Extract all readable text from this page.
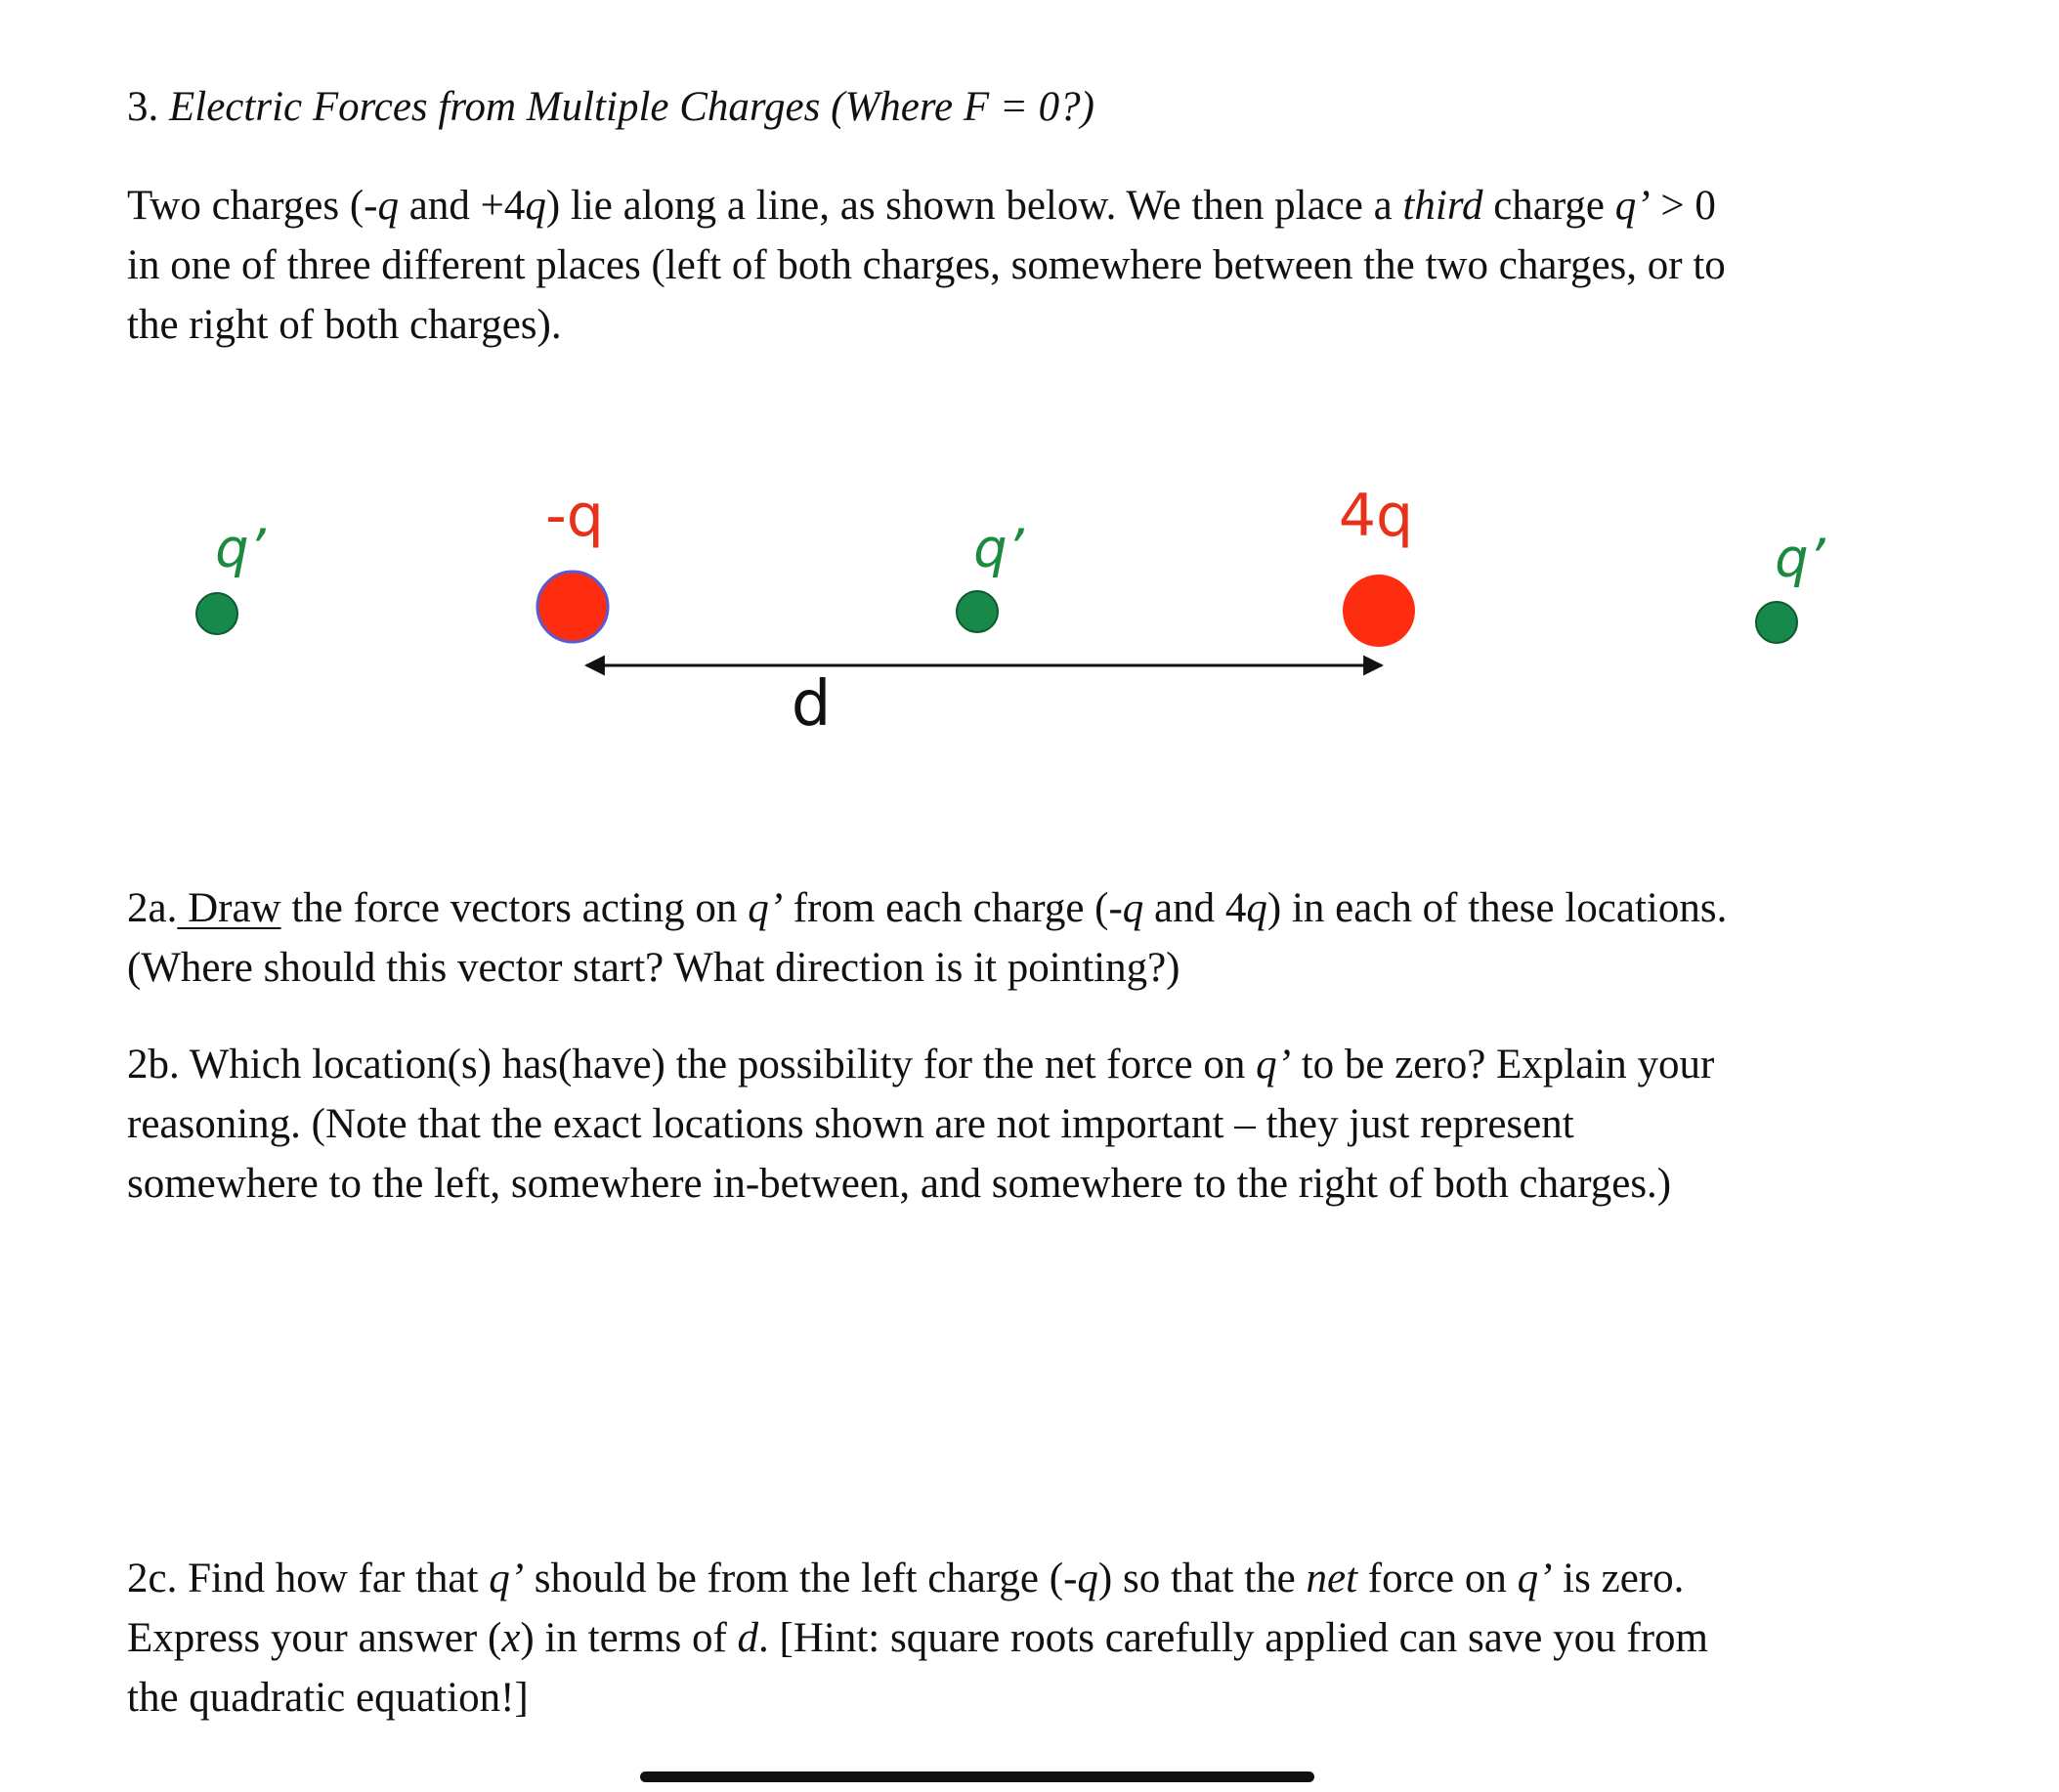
3. Electric Forces from Multiple Charges (Where F = 0?)
Two charges (-q and +4q) lie along a line, as shown below. We then place a third charge q’ > 0
in one of three different places (left of both charges, somewhere between the two charges, or to
the right of both charges).
q’	-q	q’	4q
q’
d
2a. Draw the force vectors acting on q’ from each charge (-q and 4q) in each of these locations.
(Where should this vector start? What direction is it pointing?)
2b. Which location(s) has(have) the possibility for the net force on q’ to be zero? Explain your
reasoning. (Note that the exact locations shown are not important – they just represent
somewhere to the left, somewhere in-between, and somewhere to the right of both charges.)
2c. Find how far that q’ should be from the left charge (-q) so that the net force on q’ is zero.
Express your answer (x) in terms of d. [Hint: square roots carefully applied can save you from
the quadratic equation!]
